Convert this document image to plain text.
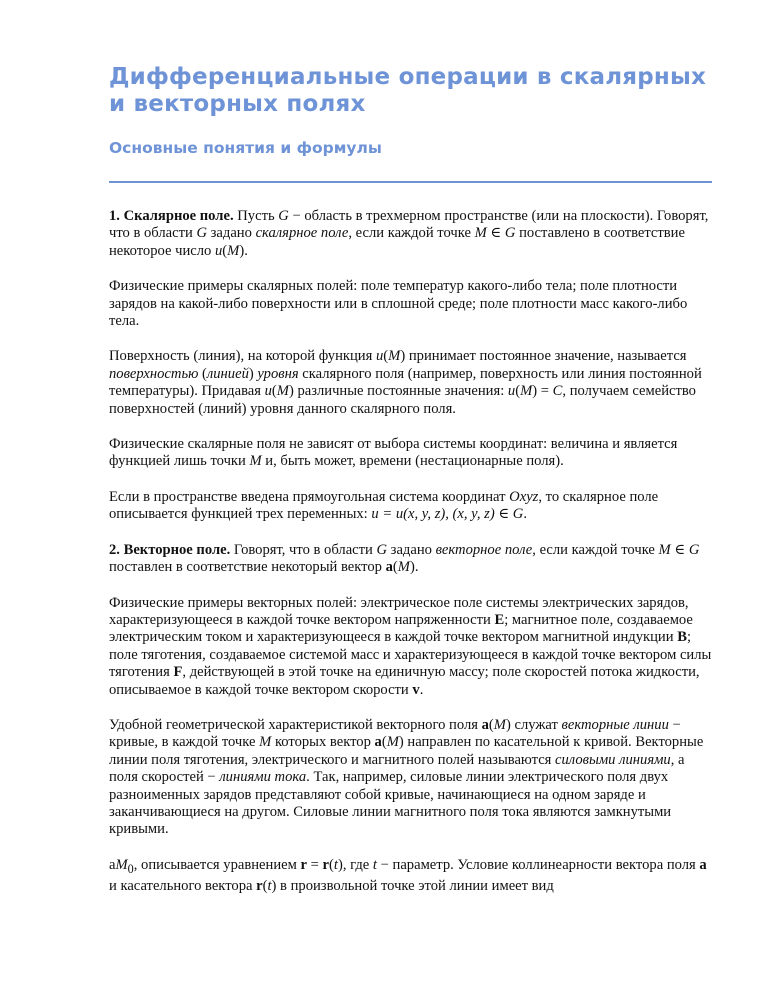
Дифференциальные операции в скалярных
и векторных полях
Основные понятия и формулы

1. Скалярное поле. Пусть G − область в трехмерном пространстве (или на плоскости). Говорят, что в области G задано скалярное поле, если каждой точке M ∈ G поставлено в соответствие некоторое число u(M).

Физические примеры скалярных полей: поле температур какого-либо тела; поле плотности зарядов на какой-либо поверхности или в сплошной среде; поле плотности масс какого-либо тела.

Поверхность (линия), на которой функция u(M) принимает постоянное значение, называется поверхностью (линией) уровня скалярного поля (например, поверхность или линия постоянной температуры). Придавая u(M) различные постоянные значения: u(M) = C, получаем семейство поверхностей (линий) уровня данного скалярного поля.

Физические скалярные поля не зависят от выбора системы координат: величина и является функцией лишь точки M и, быть может, времени (нестационарные поля).

Если в пространстве введена прямоугольная система координат Oxyz, то скалярное поле описывается функцией трех переменных: u = u(x, y, z), (x, y, z) ∈ G.

2. Векторное поле. Говорят, что в области G задано векторное поле, если каждой точке M ∈ G поставлен в соответствие некоторый вектор a(M).

Физические примеры векторных полей: электрическое поле системы электрических зарядов, характеризующееся в каждой точке вектором напряженности E; магнитное поле, создаваемое электрическим током и характеризующееся в каждой точке вектором магнитной индукции B; поле тяготения, создаваемое системой масс и характеризующееся в каждой точке вектором силы тяготения F, действующей в этой точке на единичную массу; поле скоростей потока жидкости, описываемое в каждой точке вектором скорости v.

Удобной геометрической характеристикой векторного поля a(M) служат векторные линии − кривые, в каждой точке M которых вектор a(M) направлен по касательной к кривой. Векторные линии поля тяготения, электрического и магнитного полей называются силовыми линиями, а поля скоростей − линиями тока. Так, например, силовые линии электрического поля двух разноименных зарядов представляют собой кривые, начинающиеся на одном заряде и заканчивающиеся на другом. Силовые линии магнитного поля тока являются замкнутыми кривыми.

$aM_0$, описывается уравнением r = r(t), где t − параметр. Условие коллинеарности вектора поля a и касательного вектора r(t) в произвольной точке этой линии имеет вид
